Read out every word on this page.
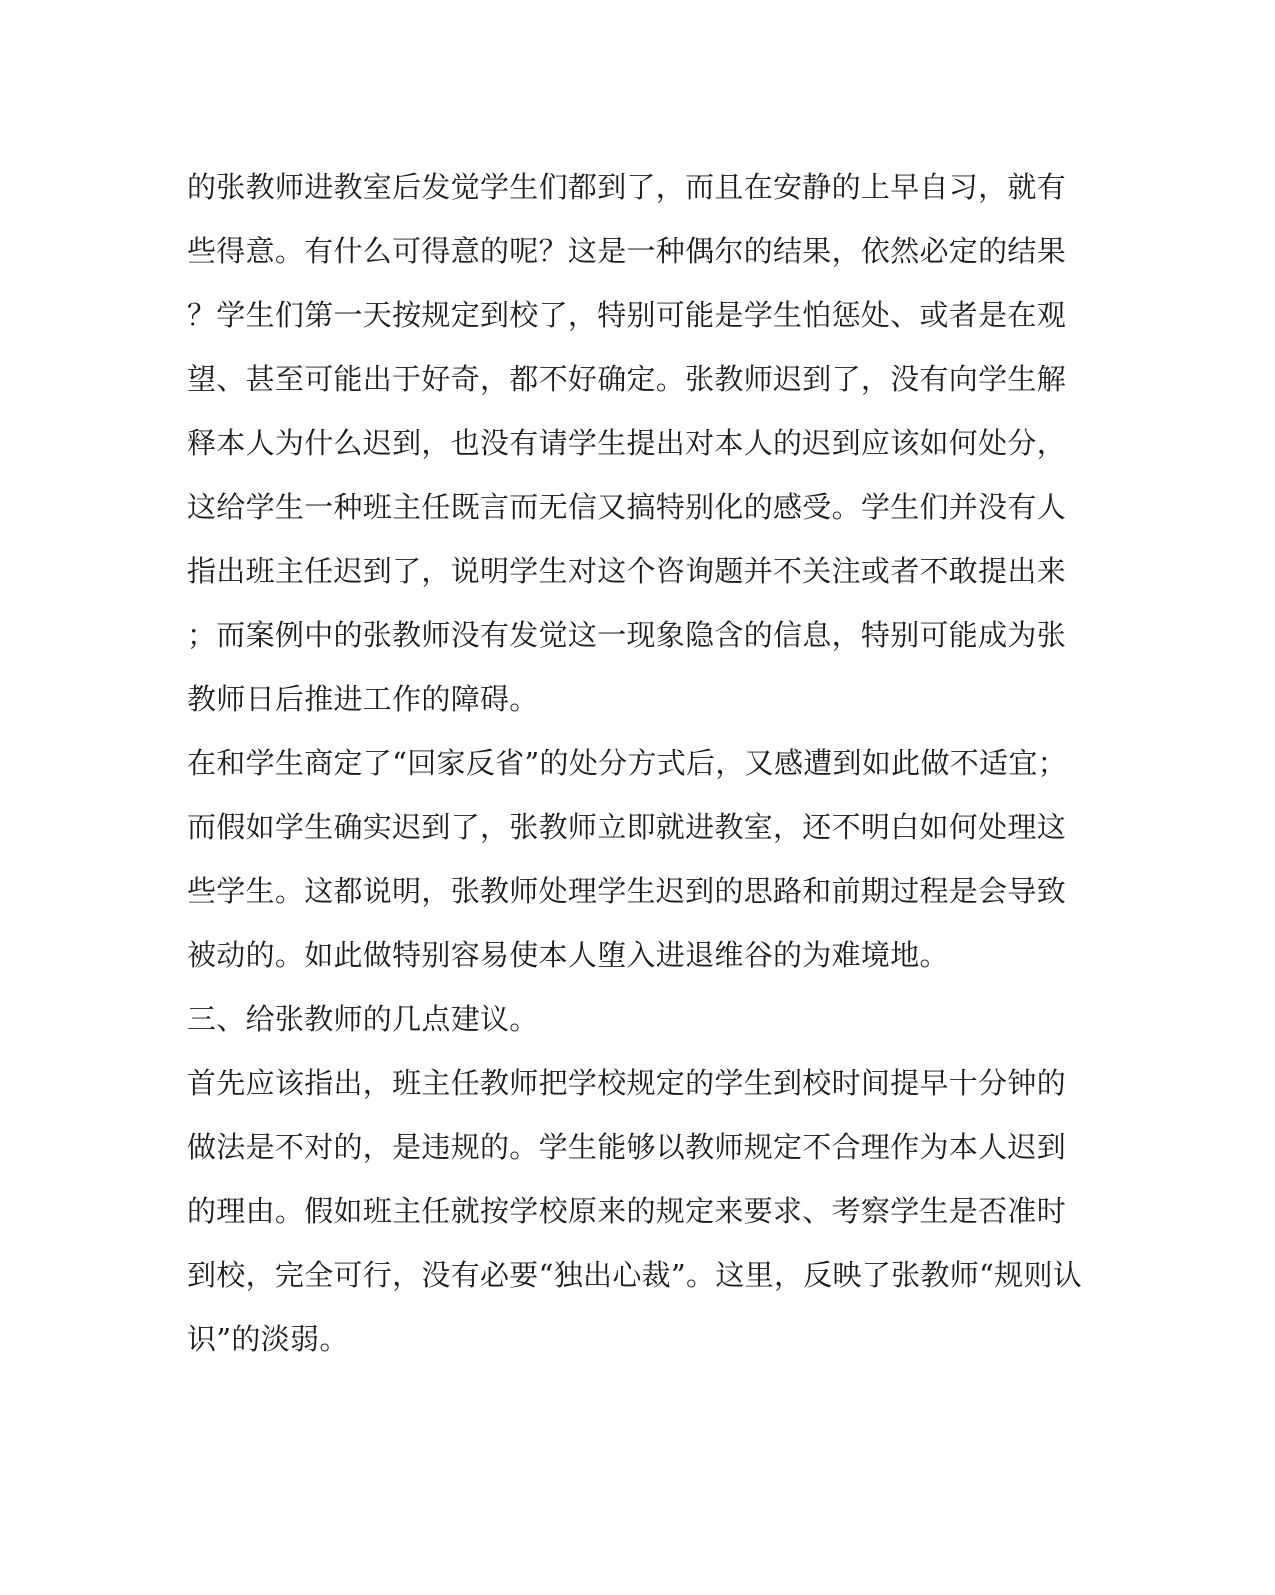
的张教师进教室后发觉学生们都到了，而且在安静的上早自习，就有
些得意。有什么可得意的呢？这是一种偶尔的结果，依然必定的结果
？学生们第一天按规定到校了，特别可能是学生怕惩处、或者是在观
望、甚至可能出于好奇，都不好确定。张教师迟到了，没有向学生解
释本人为什么迟到，也没有请学生提出对本人的迟到应该如何处分，
这给学生一种班主任既言而无信又搞特别化的感受。学生们并没有人
指出班主任迟到了，说明学生对这个咨询题并不关注或者不敢提出来
；而案例中的张教师没有发觉这一现象隐含的信息，特别可能成为张
教师日后推进工作的障碍。
在和学生商定了“回家反省”的处分方式后，又感遭到如此做不适宜；
而假如学生确实迟到了，张教师立即就进教室，还不明白如何处理这
些学生。这都说明，张教师处理学生迟到的思路和前期过程是会导致
被动的。如此做特别容易使本人堕入进退维谷的为难境地。
三、给张教师的几点建议。
首先应该指出，班主任教师把学校规定的学生到校时间提早十分钟的
做法是不对的，是违规的。学生能够以教师规定不合理作为本人迟到
的理由。假如班主任就按学校原来的规定来要求、考察学生是否准时
到校，完全可行，没有必要“独出心裁”。这里，反映了张教师“规则认
识”的淡弱。
